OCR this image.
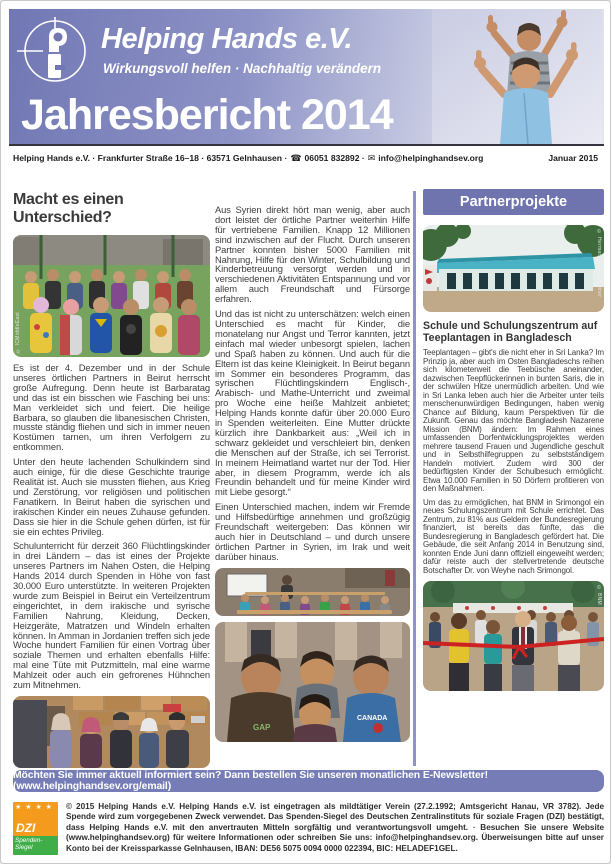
Helping Hands e.V.
Wirkungsvoll helfen · Nachhaltig verändern
Jahresbericht 2014
Helping Hands e.V. · Frankfurter Straße 16–18 · 63571 Gelnhausen · ☎ 06051 832892 · ✉ info@helpinghandsev.org	Januar 2015
Macht es einen Unterschied?
© ICMiddleEast

Es ist der 4. Dezember und in der Schule unseres örtlichen Partners in Beirut herrscht große Aufregung. Denn heute ist Barbaratag und das ist ein bisschen wie Fasching bei uns: Man verkleidet sich und feiert. Die heilige Barbara, so glauben die libanesischen Christen, musste ständig fliehen und sich in immer neuen Kostümen tarnen, um ihren Verfolgern zu entkommen.

Unter den heute lachenden Schulkindern sind auch einige, für die diese Geschichte traurige Realität ist. Auch sie mussten fliehen, aus Krieg und Zerstörung, vor religiösen und politischen Fanatikern. In Beirut haben die syrischen und irakischen Kinder ein neues Zuhause gefunden. Dass sie hier in die Schule gehen dürfen, ist für sie ein echtes Privileg.

Schulunterricht für derzeit 360 Flüchtlingskinder in drei Ländern – das ist eines der Projekte unseres Partners im Nahen Osten, die Helping Hands 2014 durch Spenden in Höhe von fast 30.000 Euro unterstützte. In weiteren Projekten wurde zum Beispiel in Beirut ein Verteilzentrum eingerichtet, in dem irakische und syrische Familien Nahrung, Kleidung, Decken, Heizgeräte, Matratzen und Windeln erhalten können. In Amman in Jordanien treffen sich jede Woche hundert Familien für einen Vortrag über soziale Themen und erhalten ebenfalls Hilfe: mal eine Tüte mit Putzmitteln, mal eine warme Mahlzeit oder auch ein gefrorenes Hühnchen zum Mitnehmen.

Aus Syrien direkt hört man wenig, aber auch dort leistet der örtliche Partner weiterhin Hilfe für vertriebene Familien. Knapp 12 Millionen sind inzwischen auf der Flucht. Durch unseren Partner konnten bisher 5000 Familien mit Nahrung, Hilfe für den Winter, Schulbildung und Kinderbetreuung versorgt werden und in verschiedenen Aktivitäten Entspannung und vor allem auch Freundschaft und Fürsorge erfahren.

Und das ist nicht zu unterschätzen: welch einen Unterschied es macht für Kinder, die monatelang nur Angst und Terror kannten, jetzt einfach mal wieder unbesorgt spielen, lachen und Spaß haben zu können. Und auch für die Eltern ist das keine Kleinigkeit. In Beirut begann im Sommer ein besonderes Programm, das syrischen Flüchtlingskindern Englisch-, Arabisch- und Mathe-Unterricht und zweimal pro Woche eine heiße Mahlzeit anbietet; Helping Hands konnte dafür über 20.000 Euro in Spenden weiterleiten. Eine Mutter drückte kürzlich ihre Dankbarkeit aus: „Weil ich in schwarz gekleidet und verschleiert bin, denken die Menschen auf der Straße, ich sei Terrorist. In meinem Heimatland wartet nur der Tod. Hier aber, in diesem Programm, werde ich als Freundin behandelt und für meine Kinder wird mit Liebe gesorgt.“

Einen Unterschied machen, indem wir Fremde und Hilfsbedürftige annehmen und großzügig Freundschaft weitergeben: Das können wir auch hier in Deutschland – und durch unsere örtlichen Partner in Syrien, im Irak und weit darüber hinaus.

GAP
CANADA
Partnerprojekte
© Hermann Gschwandtner
Schule und Schulungszentrum auf Teeplantagen in Bangladesch

Teeplantagen – gibt's die nicht eher in Sri Lanka? Im Prinzip ja, aber auch im Osten Bangladeschs reihen sich kilometerweit die Teebüsche aneinander, dazwischen Teepflückerinnen in bunten Saris, die in der schwülen Hitze unermüdlich arbeiten. Und wie in Sri Lanka leben auch hier die Arbeiter unter teils menschenunwürdigen Bedingungen, haben wenig Chance auf Bildung, kaum Perspektiven für die Zukunft. Genau das möchte Bangladesh Nazarene Mission (BNM) ändern: Im Rahmen eines umfassenden Dorfentwicklungsprojektes werden mehrere tausend Frauen und Jugendliche geschult und in Selbsthilfegruppen zu selbstständigem Handeln motiviert. Zudem wird 300 der bedürftigsten Kinder der Schulbesuch ermöglicht. Etwa 10.000 Familien in 50 Dörfern profitieren von den Maßnahmen.

Um das zu ermöglichen, hat BNM in Srimongol ein neues Schulungszentrum mit Schule errichtet. Das Zentrum, zu 81% aus Geldern der Bundesregierung finanziert, ist bereits das fünfte, das die Bundesregierung in Bangladesch gefördert hat. Die Gebäude, die seit Anfang 2014 in Benutzung sind, konnten Ende Juni dann offiziell eingeweiht werden; dafür reiste auch der stellvertretende deutsche Botschafter Dr. von Weyhe nach Srimongol.

© BNM
Möchten Sie immer aktuell informiert sein? Dann bestellen Sie unseren monatlichen E-Newsletter! (www.helpinghandsev.org/email)
★ ★ ★ ★
DZI
Spenden- Siegel
© 2015 Helping Hands e.V. Helping Hands e.V. ist eingetragen als mildtätiger Verein (27.2.1992; Amtsgericht Hanau, VR 3782). Jede Spende wird zum vorgegebenen Zweck verwendet. Das Spenden-Siegel des Deutschen Zentralinstituts für soziale Fragen (DZI) bestätigt, dass Helping Hands e.V. mit den anvertrauten Mitteln sorgfältig und verantwortungsvoll umgeht. · Besuchen Sie unsere Website (www.helpinghandsev.org) für weitere Informationen oder schreiben Sie uns: info@helpinghandsev.org. Überweisungen bitte auf unser Konto bei der Kreissparkasse Gelnhausen, IBAN: DE56 5075 0094 0000 022394, BIC: HELADEF1GEL.
